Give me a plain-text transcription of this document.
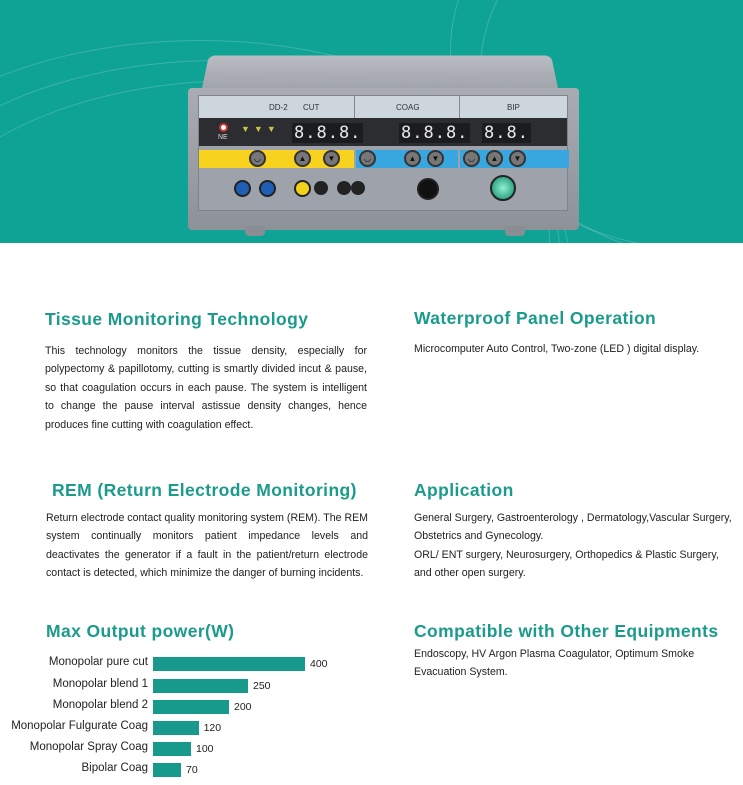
DD-2 CUT	COAG	BIP
NE
▼▼▼ 8.8.8. 8.8.8. 8.8.
◡	▲	▼	◡	▲	▼	◡	▲	▼
Tissue Monitoring Technology
This technology monitors the tissue density, especially for polypectomy & papillotomy, cutting is smartly divided incut & pause, so that coagulation occurs in each pause. The system is intelligent to change the pause interval astissue density changes, hence produces fine cutting with coagulation effect.
Waterproof Panel Operation
Microcomputer Auto Control, Two-zone (LED ) digital display.
REM (Return Electrode Monitoring)
Return electrode contact quality monitoring system (REM). The REM system continually monitors patient impedance levels and deactivates the generator if a fault in the patient/return electrode contact is detected, which minimize the danger of burning incidents.
Application
General Surgery, Gastroenterology , Dermatology,Vascular Surgery, Obstetrics and Gynecology.
ORL/ ENT surgery, Neurosurgery, Orthopedics & Plastic Surgery, and other open surgery.
Compatible with Other Equipments
Endoscopy, HV Argon Plasma Coagulator, Optimum Smoke Evacuation System.
Max Output power(W)
Monopolar pure cut	400
Monopolar blend 1	250
Monopolar blend 2	200
Monopolar Fulgurate Coag	120
Monopolar Spray Coag	100
Bipolar Coag	70
